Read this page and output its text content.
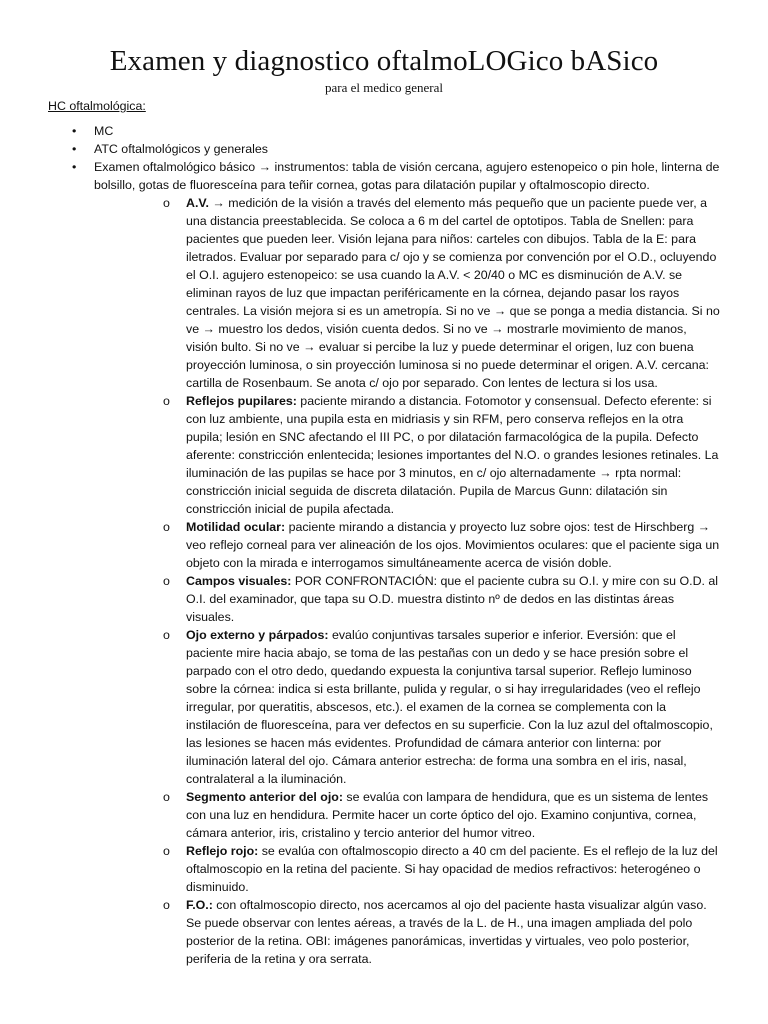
Examen y diagnostico oftalmoLOGico bASico
para el medico general
HC oftalmológica:
• MC
• ATC oftalmológicos y generales
• Examen oftalmológico básico → instrumentos: tabla de visión cercana, agujero estenopeico o pin hole, linterna de bolsillo, gotas de fluoresceína para teñir cornea, gotas para dilatación pupilar y oftalmoscopio directo.
o A.V. → medición de la visión a través del elemento más pequeño que un paciente puede ver, a una distancia preestablecida. Se coloca a 6 m del cartel de optotipos. Tabla de Snellen: para pacientes que pueden leer. Visión lejana para niños: carteles con dibujos. Tabla de la E: para iletrados. Evaluar por separado para c/ ojo y se comienza por convención por el O.D., ocluyendo el O.I. agujero estenopeico: se usa cuando la A.V. < 20/40 o MC es disminución de A.V. se eliminan rayos de luz que impactan periféricamente en la córnea, dejando pasar los rayos centrales. La visión mejora si es un ametropía. Si no ve → que se ponga a media distancia. Si no ve → muestro los dedos, visión cuenta dedos. Si no ve → mostrarle movimiento de manos, visión bulto. Si no ve → evaluar si percibe la luz y puede determinar el origen, luz con buena proyección luminosa, o sin proyección luminosa si no puede determinar el origen. A.V. cercana: cartilla de Rosenbaum. Se anota c/ ojo por separado. Con lentes de lectura si los usa.
o Reflejos pupilares: paciente mirando a distancia. Fotomotor y consensual. Defecto eferente: si con luz ambiente, una pupila esta en midriasis y sin RFM, pero conserva reflejos en la otra pupila; lesión en SNC afectando el III PC, o por dilatación farmacológica de la pupila. Defecto aferente: constricción enlentecida; lesiones importantes del N.O. o grandes lesiones retinales. La iluminación de las pupilas se hace por 3 minutos, en c/ ojo alternadamente → rpta normal: constricción inicial seguida de discreta dilatación. Pupila de Marcus Gunn: dilatación sin constricción inicial de pupila afectada.
o Motilidad ocular: paciente mirando a distancia y proyecto luz sobre ojos: test de Hirschberg → veo reflejo corneal para ver alineación de los ojos. Movimientos oculares: que el paciente siga un objeto con la mirada e interrogamos simultáneamente acerca de visión doble.
o Campos visuales: POR CONFRONTACIÓN: que el paciente cubra su O.I. y mire con su O.D. al O.I. del examinador, que tapa su O.D. muestra distinto nº de dedos en las distintas áreas visuales.
o Ojo externo y párpados: evalúo conjuntivas tarsales superior e inferior. Eversión: que el paciente mire hacia abajo, se toma de las pestañas con un dedo y se hace presión sobre el parpado con el otro dedo, quedando expuesta la conjuntiva tarsal superior. Reflejo luminoso sobre la córnea: indica si esta brillante, pulida y regular, o si hay irregularidades (veo el reflejo irregular, por queratitis, abscesos, etc.). el examen de la cornea se complementa con la instilación de fluoresceína, para ver defectos en su superficie. Con la luz azul del oftalmoscopio, las lesiones se hacen más evidentes. Profundidad de cámara anterior con linterna: por iluminación lateral del ojo. Cámara anterior estrecha: de forma una sombra en el iris, nasal, contralateral a la iluminación.
o Segmento anterior del ojo: se evalúa con lampara de hendidura, que es un sistema de lentes con una luz en hendidura. Permite hacer un corte óptico del ojo. Examino conjuntiva, cornea, cámara anterior, iris, cristalino y tercio anterior del humor vitreo.
o Reflejo rojo: se evalúa con oftalmoscopio directo a 40 cm del paciente. Es el reflejo de la luz del oftalmoscopio en la retina del paciente. Si hay opacidad de medios refractivos: heterogéneo o disminuido.
o F.O.: con oftalmoscopio directo, nos acercamos al ojo del paciente hasta visualizar algún vaso. Se puede observar con lentes aéreas, a través de la L. de H., una imagen ampliada del polo posterior de la retina. OBI: imágenes panorámicas, invertidas y virtuales, veo polo posterior, periferia de la retina y ora serrata.
